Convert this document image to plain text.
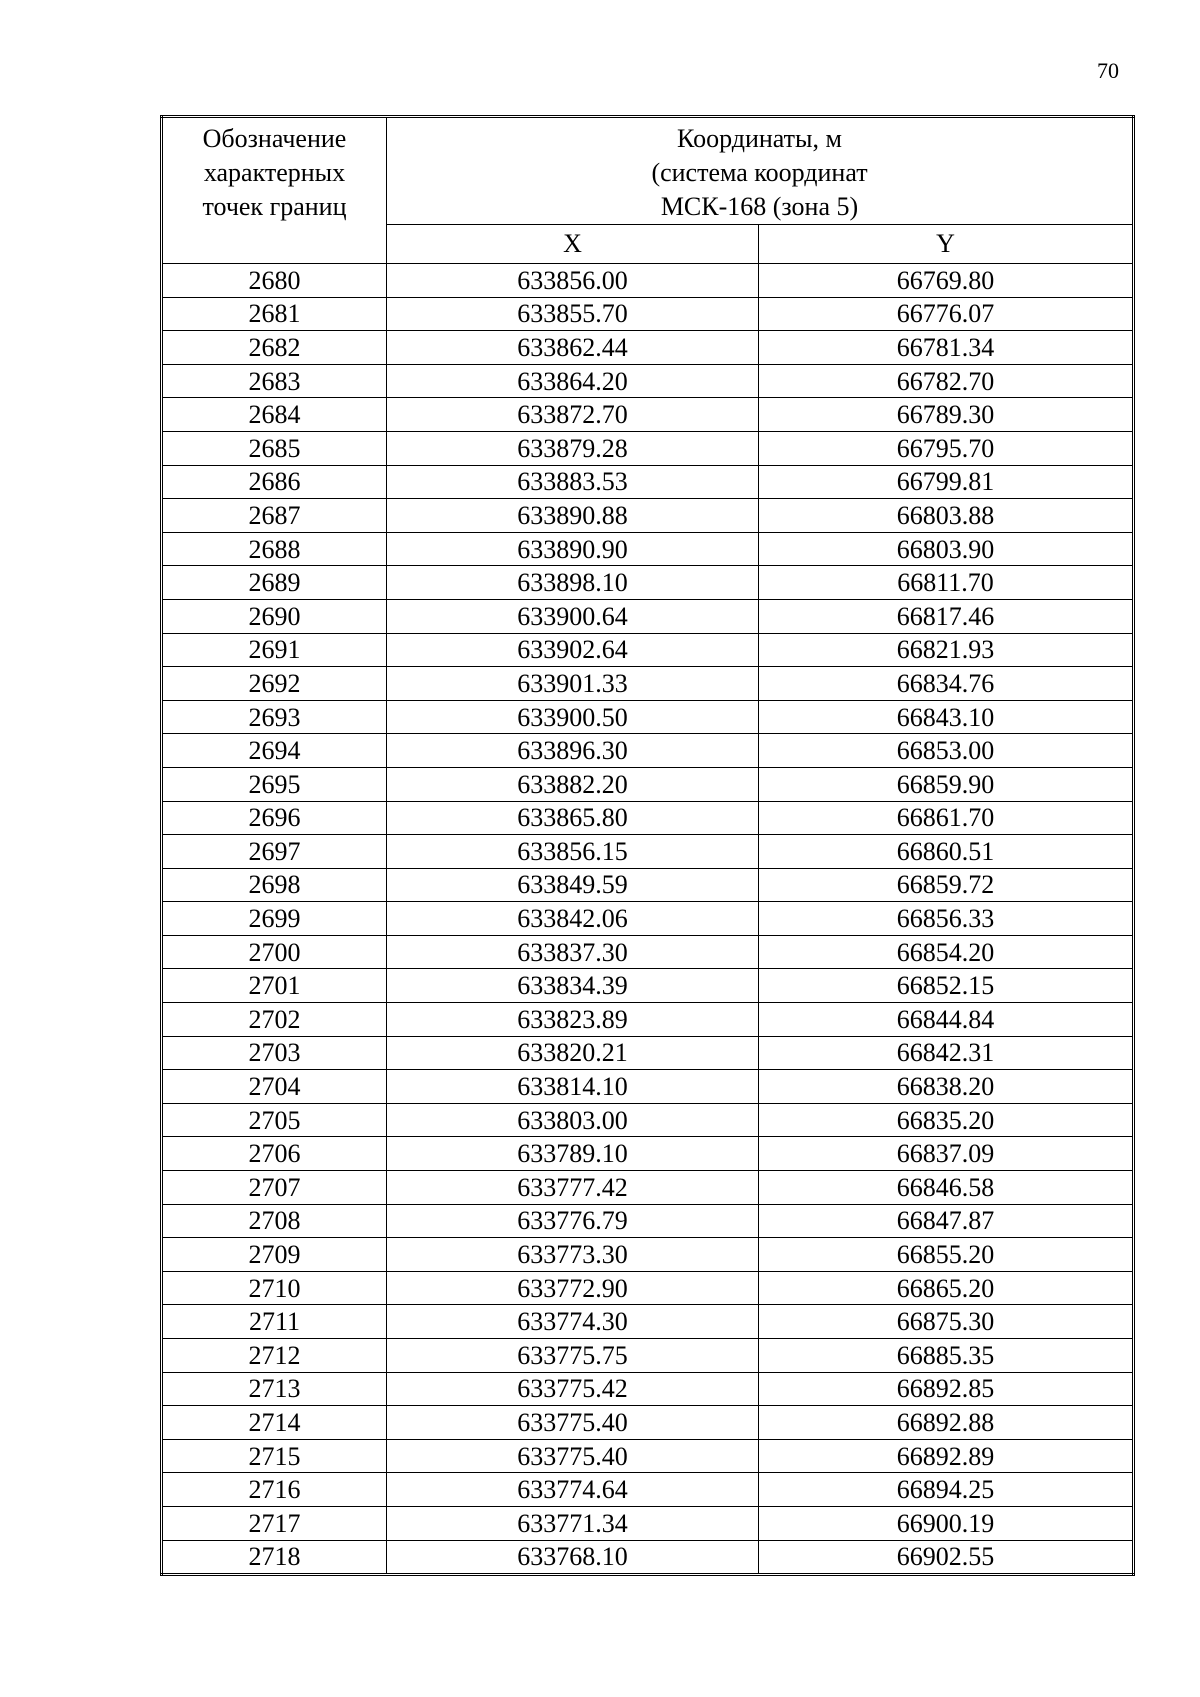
70
Обозначение
характерных
точек границ	Координаты, м
(система координат
МСК-168 (зона 5)	

	X	Y
2680	633856.00	66769.80
2681	633855.70	66776.07
2682	633862.44	66781.34
2683	633864.20	66782.70
2684	633872.70	66789.30
2685	633879.28	66795.70
2686	633883.53	66799.81
2687	633890.88	66803.88
2688	633890.90	66803.90
2689	633898.10	66811.70
2690	633900.64	66817.46
2691	633902.64	66821.93
2692	633901.33	66834.76
2693	633900.50	66843.10
2694	633896.30	66853.00
2695	633882.20	66859.90
2696	633865.80	66861.70
2697	633856.15	66860.51
2698	633849.59	66859.72
2699	633842.06	66856.33
2700	633837.30	66854.20
2701	633834.39	66852.15
2702	633823.89	66844.84
2703	633820.21	66842.31
2704	633814.10	66838.20
2705	633803.00	66835.20
2706	633789.10	66837.09
2707	633777.42	66846.58
2708	633776.79	66847.87
2709	633773.30	66855.20
2710	633772.90	66865.20
2711	633774.30	66875.30
2712	633775.75	66885.35
2713	633775.42	66892.85
2714	633775.40	66892.88
2715	633775.40	66892.89
2716	633774.64	66894.25
2717	633771.34	66900.19
2718	633768.10	66902.55
